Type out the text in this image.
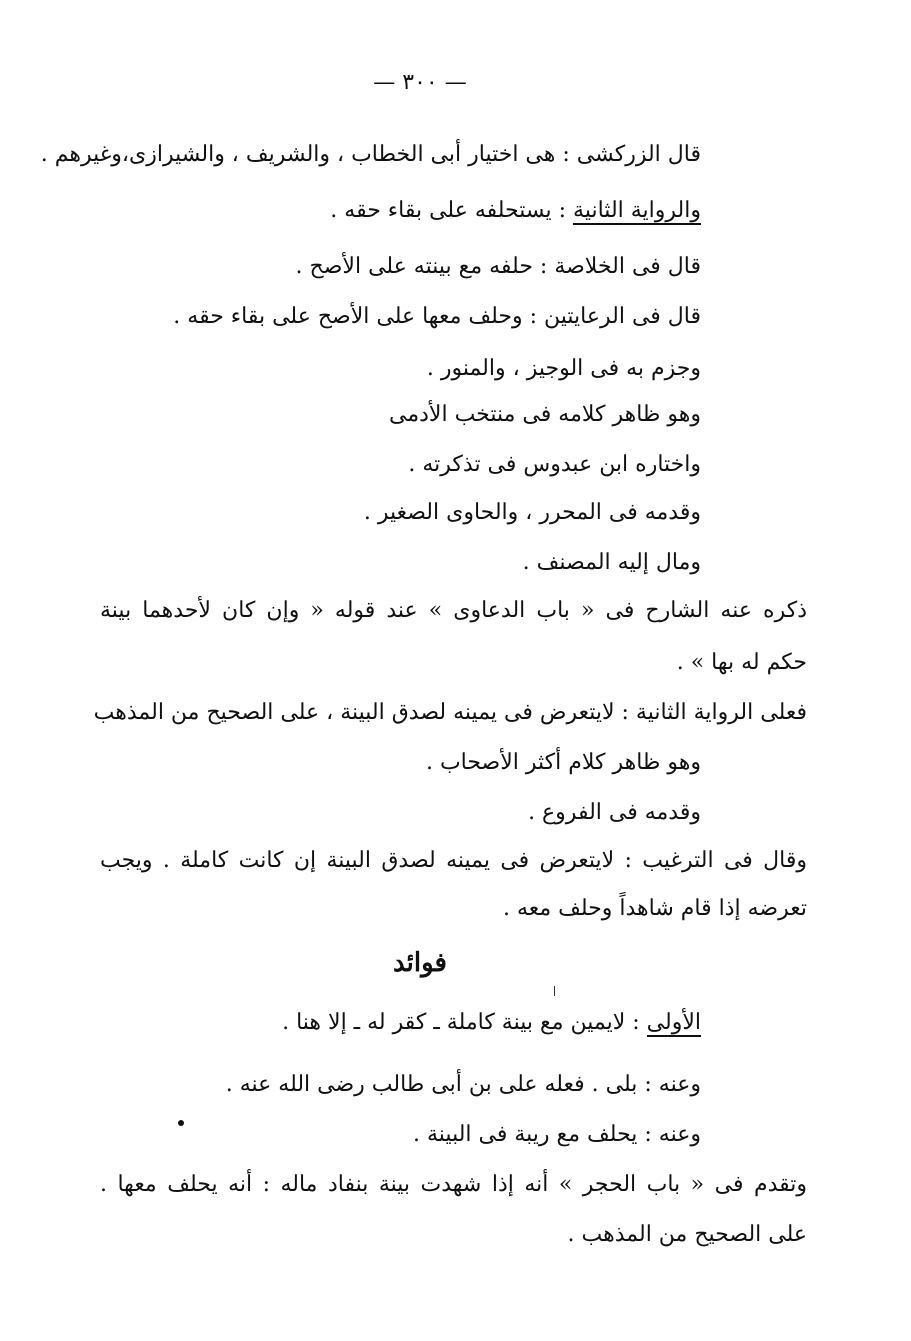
— ٣٠٠ —
قال الزركشى : هى اختيار أبى الخطاب ، والشريف ، والشيرازى،وغيرهم .
والرواية الثانية : يستحلفه على بقاء حقه .
قال فى الخلاصة : حلفه مع بينته على الأصح .
قال فى الرعايتين : وحلف معها على الأصح على بقاء حقه .
وجزم به فى الوجيز ، والمنور .
وهو ظاهر كلامه فى منتخب الأدمى
واختاره ابن عبدوس فى تذكرته .
وقدمه فى المحرر ، والحاوى الصغير .
ومال إليه المصنف .
ذكره عنه الشارح فى « باب الدعاوى » عند قوله « وإن كان لأحدهما بينة
حكم له بها » .
فعلى الرواية الثانية : لايتعرض فى يمينه لصدق البينة ، على الصحيح من المذهب
وهو ظاهر كلام أكثر الأصحاب .
وقدمه فى الفروع .
وقال فى الترغيب : لايتعرض فى يمينه لصدق البينة إن كانت كاملة . ويجب
تعرضه إذا قام شاهداً وحلف معه .
فوائد
الأولى : لايمين مع بينة كاملة ـ كقر له ـ إلا هنا .
وعنه : بلى . فعله على بن أبى طالب رضى الله عنه .
وعنه : يحلف مع ريبة فى البينة .
وتقدم فى « باب الحجر » أنه إذا شهدت بينة بنفاد ماله : أنه يحلف معها .
على الصحيح من المذهب .
